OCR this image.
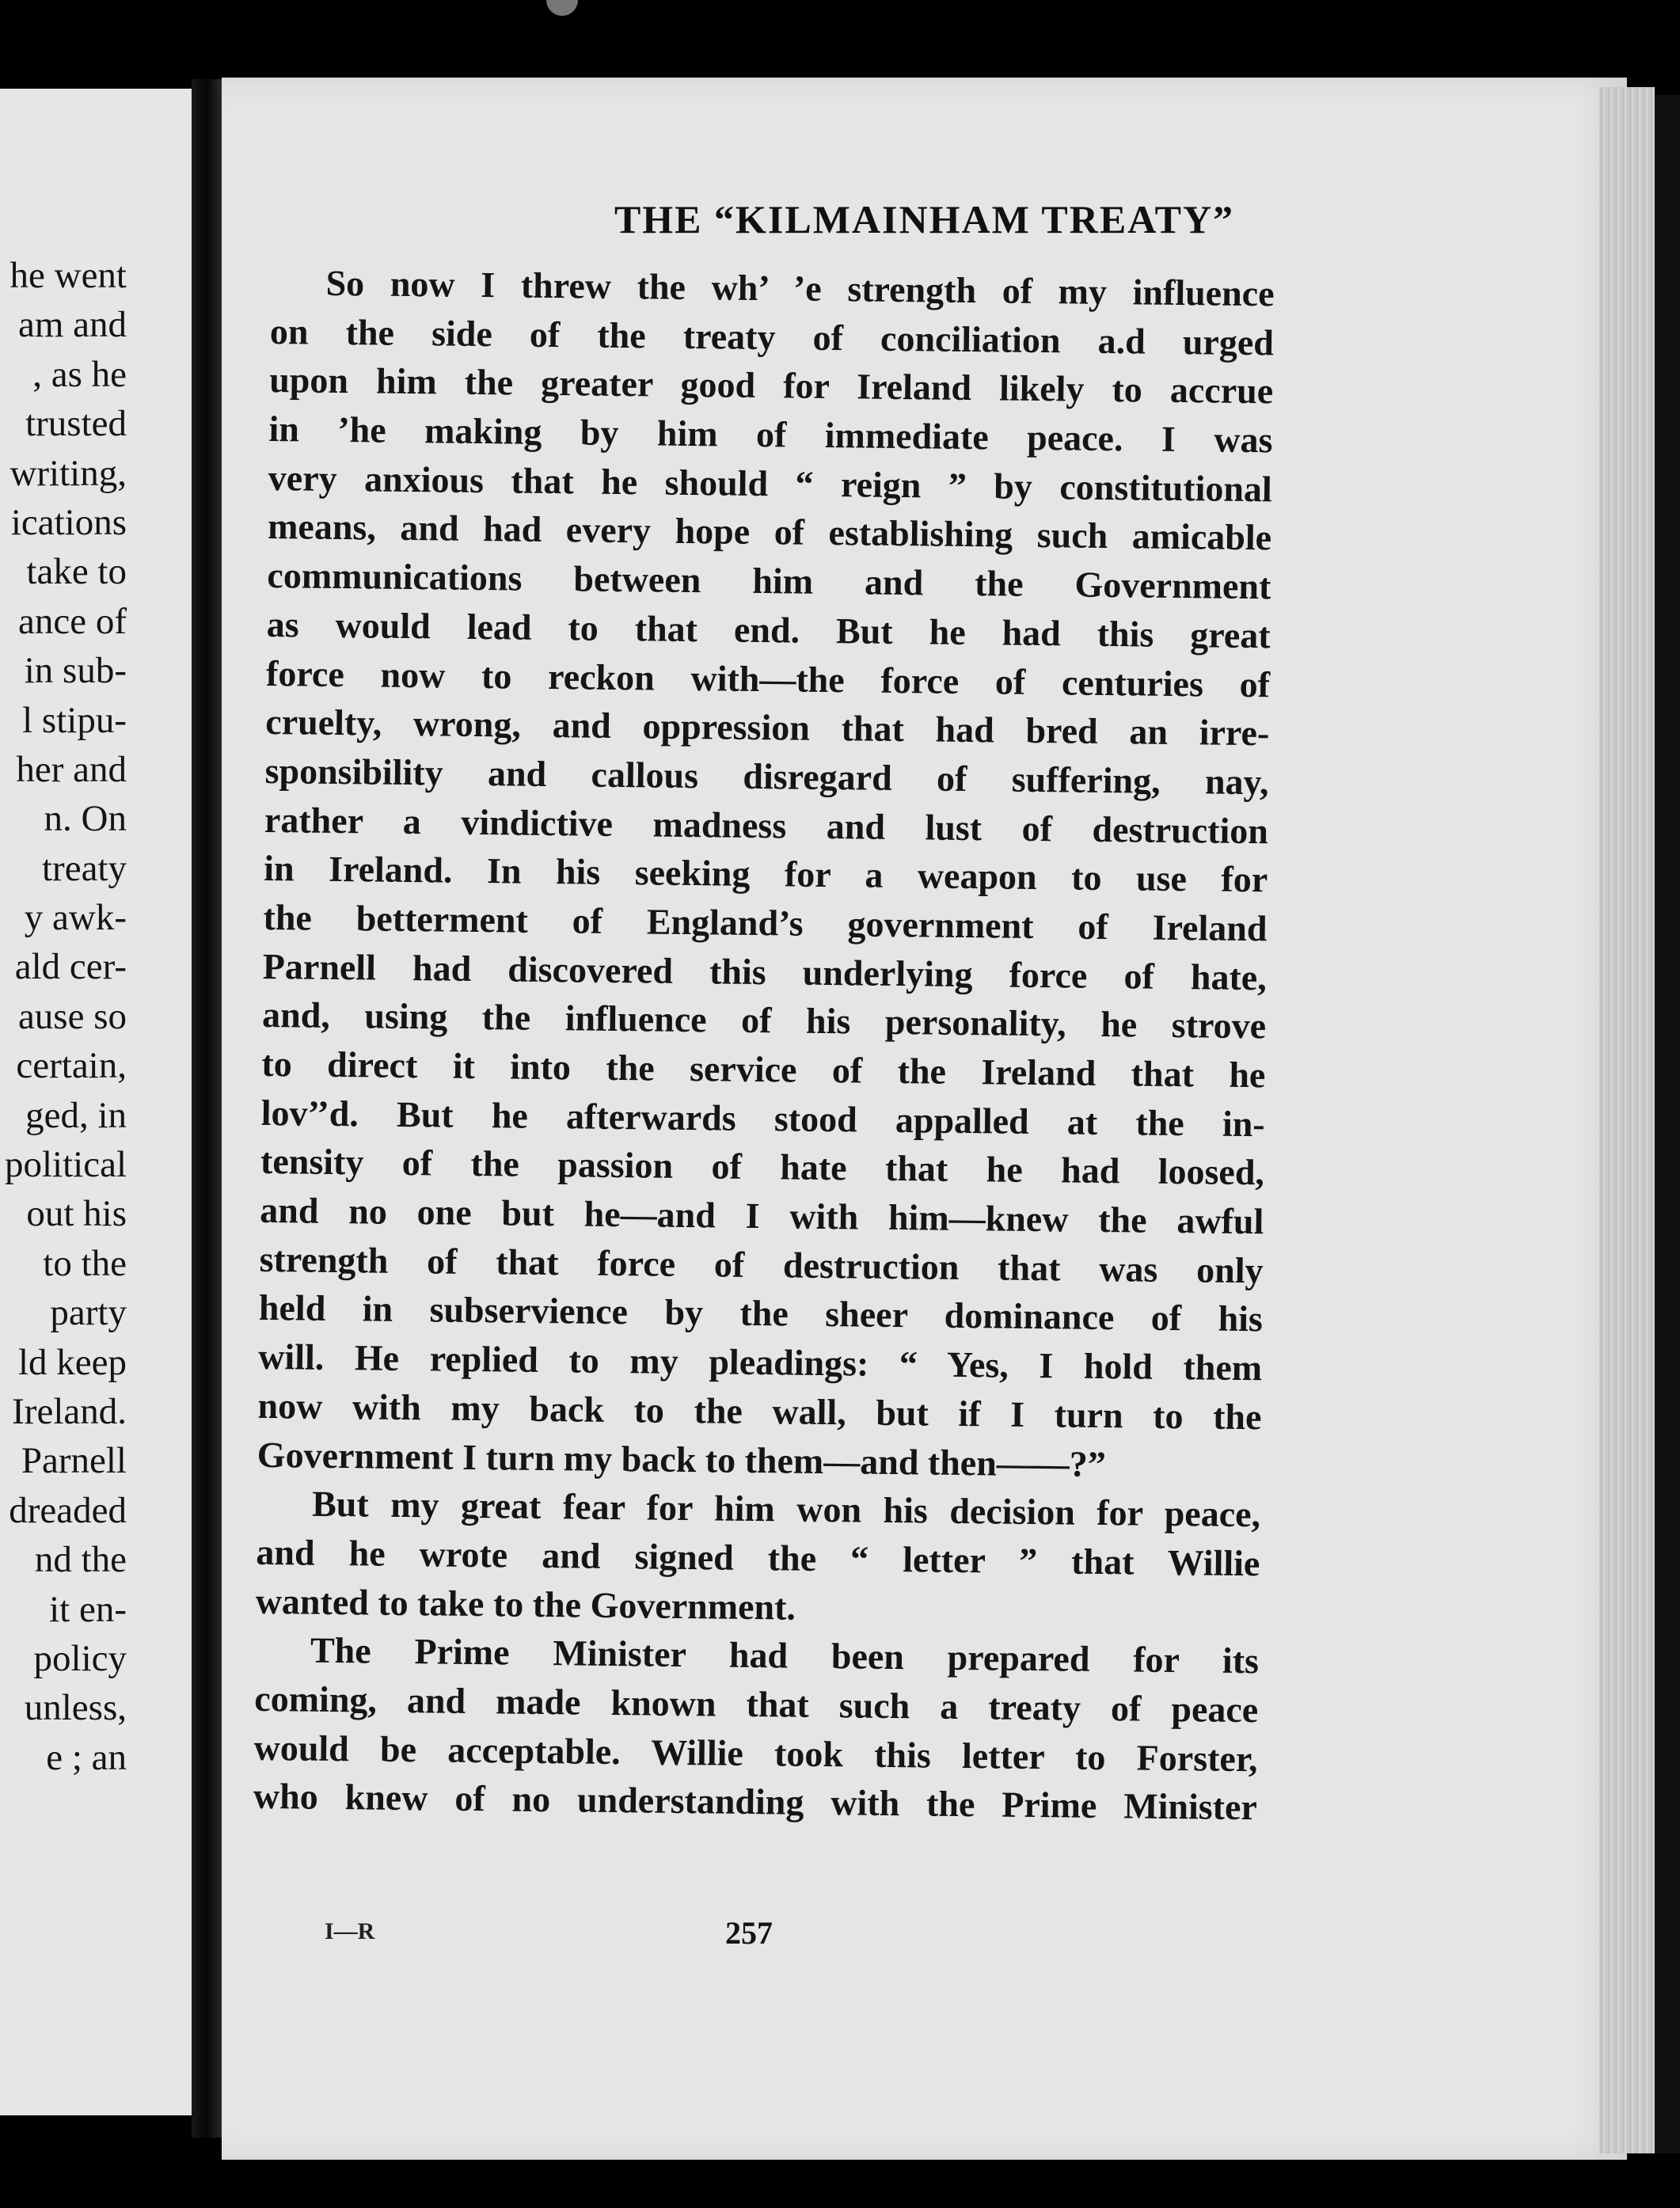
he went
am and
, as he
trusted
writing,
ications
take to
ance of
in sub-
l stipu-
her and
n. On
treaty
y awk-
ald cer-
ause so
certain,
ged, in
political
out his
to the
party
ld keep
Ireland.
Parnell
dreaded
nd the
it en-
policy
unless,
e ; an
THE “KILMAINHAM TREATY”
So now I threw the wh’ ’e strength of my influence
on the side of the treaty of conciliation а.d urged
upon him the greater good for Ireland likely to accrue
in ’he making by him of immediate peace. I was
very anxious that he should “ reign ” by constitutional
means, and had every hope of establishing such amicable
communications between him and the Government
as would lead to that end. But he had this great
force now to reckon with—the force of centuries of
cruelty, wrong, and oppression that had bred an irre-
sponsibility and callous disregard of suffering, nay,
rather a vindictive madness and lust of destruction
in Ireland. In his seeking for a weapon to use for
the betterment of England’s government of Ireland
Parnell had discovered this underlying force of hate,
and, using the influence of his personality, he strove
to direct it into the service of the Ireland that he
lov’’d. But he afterwards stood appalled at the in-
tensity of the passion of hate that he had loosed,
and no one but he—and I with him—knew the awful
strength of that force of destruction that was only
held in subservience by the sheer dominance of his
will. He replied to my pleadings: “ Yes, I hold them
now with my back to the wall, but if I turn to the
Government I turn my back to them—and then——?”
But my great fear for him won his decision for peace,
and he wrote and signed the “ letter ” that Willie
wanted to take to the Government.
The Prime Minister had been prepared for its
coming, and made known that such a treaty of peace
would be acceptable. Willie took this letter to Forster,
who knew of no understanding with the Prime Minister
I—R	257
